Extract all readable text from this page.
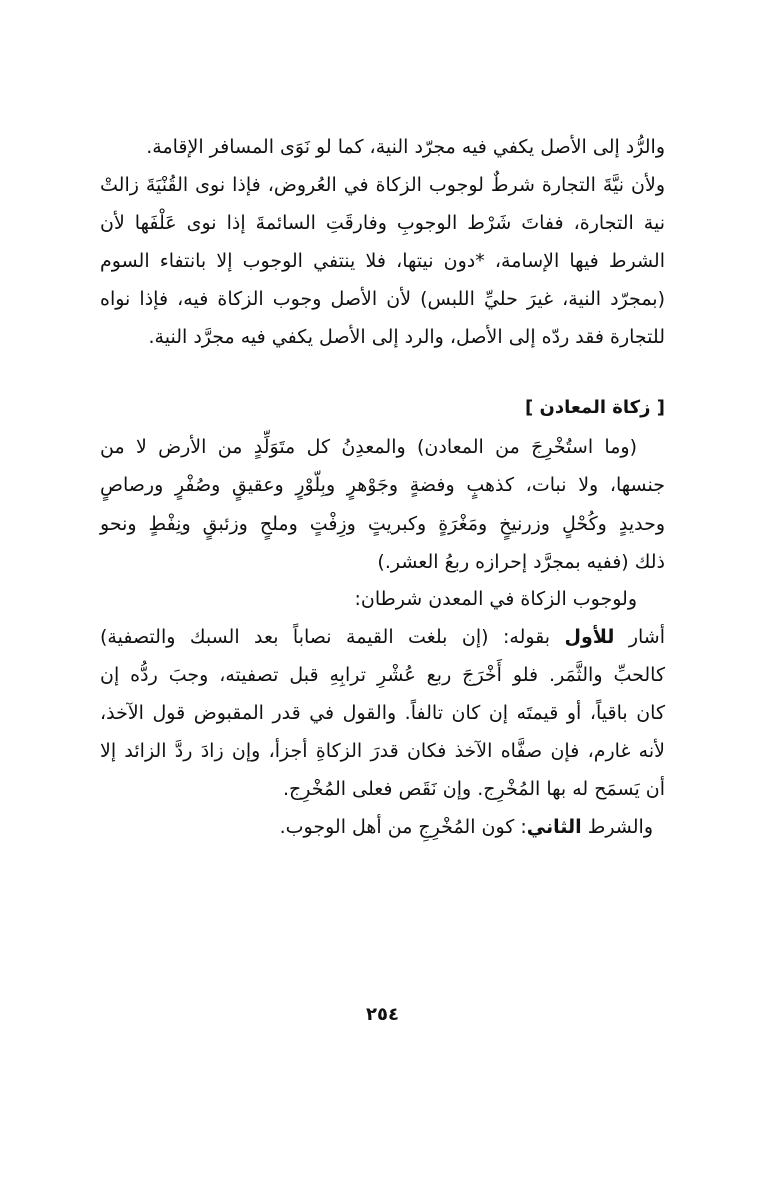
والرُّد إلى الأصل يكفي فيه مجرّد النية، كما لو نَوَى المسافر الإقامة.
ولأن نيَّةَ التجارة شرطٌ لوجوب الزكاة في العُروض، فإذا نوى القُنْيَةَ زالتْ
نية التجارة، ففاتَ شَرْط الوجوبِ وفارقَتِ السائمةَ إذا نوى عَلْفَها لأن
الشرط فيها الإسامة، *دون نيتها، فلا ينتفي الوجوب إلا بانتفاء السوم
(بمجرّد النية، غيرَ حليِّ اللبس) لأن الأصل وجوب الزكاة فيه، فإذا نواه
للتجارة فقد ردّه إلى الأصل، والرد إلى الأصل يكفي فيه مجرَّد النية.
[ زكاة المعادن ]
(وما استُخْرِجَ من المعادن) والمعدِنُ كل متَوَلِّدٍ من الأرض لا من
جنسها، ولا نبات، كذهبٍ وفضةٍ وجَوْهرٍ وبِلّوْرٍ وعقيقٍ وصُفْرٍ ورصاصٍ
وحديدٍ وكُحْلٍ وزرنيخٍ ومَغْرَةٍ وكبريتٍ وزِفْتٍ وملحٍ وزئبقٍ ونِفْطٍ ونحو
ذلك (ففيه بمجرَّد إحرازه ربعُ العشر.)
ولوجوب الزكاة في المعدن شرطان:
أشار للأول بقوله: (إن بلغت القيمة نصاباً بعد السبك والتصفية)
كالحبِّ والثَّمَر. فلو أَخْرَجَ ربع عُشْرِ ترابِهِ قبل تصفيته، وجبَ ردُّه إن
كان باقياً، أو قيمتَه إن كان تالفاً. والقول في قدر المقبوض قول الآخذ،
لأنه غارم، فإن صفَّاه الآخذ فكان قدرَ الزكاةِ أجزأ، وإن زادَ ردَّ الزائد إلا
أن يَسمَح له بها المُخْرِج. وإن نَقَص فعلى المُخْرِج.
والشرط الثاني: كون المُخْرِجِ من أهل الوجوب.
٢٥٤
